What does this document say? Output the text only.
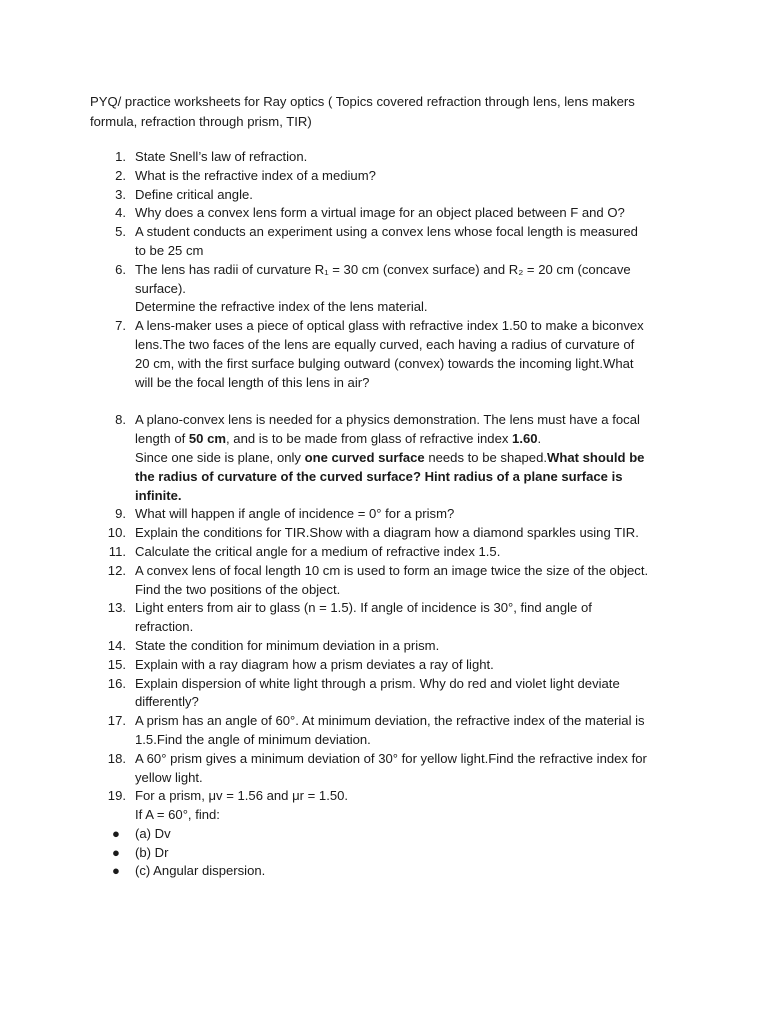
PYQ/ practice worksheets for Ray optics ( Topics covered refraction through lens, lens makers
formula, refraction through prism, TIR)

1. State Snell’s law of refraction.
2. What is the refractive index of a medium?
3. Define critical angle.
4. Why does a convex lens form a virtual image for an object placed between F and O?
5. A student conducts an experiment using a convex lens whose focal length is measured
to be 25 cm
6. The lens has radii of curvature R₁ = 30 cm (convex surface) and R₂ = 20 cm (concave
surface).
Determine the refractive index of the lens material.
7. A lens-maker uses a piece of optical glass with refractive index 1.50 to make a biconvex
lens.The two faces of the lens are equally curved, each having a radius of curvature of
20 cm, with the first surface bulging outward (convex) towards the incoming light.What
will be the focal length of this lens in air?
8. A plano-convex lens is needed for a physics demonstration. The lens must have a focal
length of 50 cm, and is to be made from glass of refractive index 1.60.
Since one side is plane, only one curved surface needs to be shaped.What should be
the radius of curvature of the curved surface? Hint radius of a plane surface is
infinite.
9. What will happen if angle of incidence = 0° for a prism?
10. Explain the conditions for TIR.Show with a diagram how a diamond sparkles using TIR.
11. Calculate the critical angle for a medium of refractive index 1.5.
12. A convex lens of focal length 10 cm is used to form an image twice the size of the object.
Find the two positions of the object.
13. Light enters from air to glass (n = 1.5). If angle of incidence is 30°, find angle of
refraction.
14. State the condition for minimum deviation in a prism.
15. Explain with a ray diagram how a prism deviates a ray of light.
16. Explain dispersion of white light through a prism. Why do red and violet light deviate
differently?
17. A prism has an angle of 60°. At minimum deviation, the refractive index of the material is
1.5.Find the angle of minimum deviation.
18. A 60° prism gives a minimum deviation of 30° for yellow light.Find the refractive index for
yellow light.
19. For a prism, μv = 1.56 and μr = 1.50.
If A = 60°, find:
● (a) Dv
● (b) Dr
● (c) Angular dispersion.
